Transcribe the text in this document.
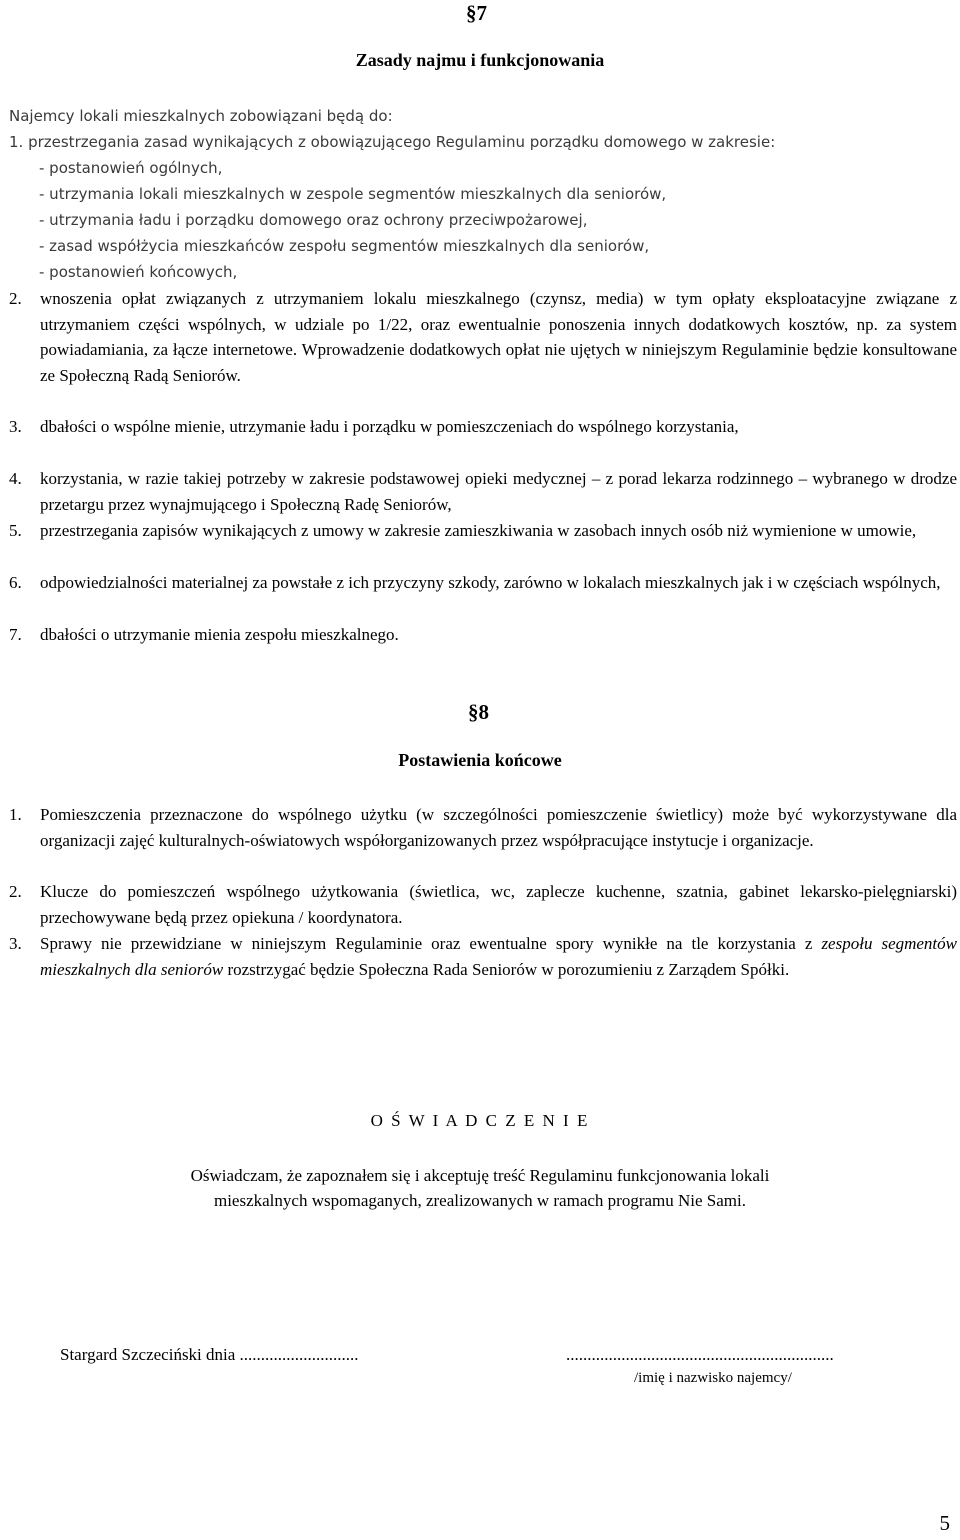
§7
Zasady najmu i funkcjonowania
Najemcy lokali mieszkalnych zobowiązani będą do:
1. przestrzegania zasad wynikających z obowiązującego Regulaminu porządku domowego w zakresie:
- postanowień ogólnych,
- utrzymania lokali mieszkalnych w zespole segmentów mieszkalnych dla seniorów,
- utrzymania ładu i porządku domowego oraz ochrony przeciwpożarowej,
- zasad współżycia mieszkańców zespołu segmentów mieszkalnych dla seniorów,
- postanowień końcowych,
2. wnoszenia opłat związanych z utrzymaniem lokalu mieszkalnego (czynsz, media) w tym opłaty eksploatacyjne związane z utrzymaniem części wspólnych, w udziale po 1/22, oraz ewentualnie ponoszenia innych dodatkowych kosztów, np. za system powiadamiania, za łącze internetowe. Wprowadzenie dodatkowych opłat nie ujętych w niniejszym Regulaminie będzie konsultowane ze Społeczną Radą Seniorów.
3. dbałości o wspólne mienie, utrzymanie ładu i porządku w pomieszczeniach do wspólnego korzystania,
4. korzystania, w razie takiej potrzeby w zakresie podstawowej opieki medycznej – z porad lekarza rodzinnego – wybranego w drodze przetargu przez wynajmującego i Społeczną Radę Seniorów,
5. przestrzegania zapisów wynikających z umowy w zakresie zamieszkiwania w zasobach innych osób niż wymienione w umowie,
6. odpowiedzialności materialnej za powstałe z ich przyczyny szkody, zarówno w lokalach mieszkalnych jak i w częściach wspólnych,
7. dbałości o utrzymanie mienia zespołu mieszkalnego.
§8
Postawienia końcowe
1. Pomieszczenia przeznaczone do wspólnego użytku (w szczególności pomieszczenie świetlicy) może być wykorzystywane dla organizacji zajęć kulturalnych-oświatowych współorganizowanych przez współpracujące instytucje i organizacje.
2. Klucze do pomieszczeń wspólnego użytkowania (świetlica, wc, zaplecze kuchenne, szatnia, gabinet lekarsko-pielęgniarski) przechowywane będą przez opiekuna / koordynatora.
3. Sprawy nie przewidziane w niniejszym Regulaminie oraz ewentualne spory wynikłe na tle korzystania z zespołu segmentów mieszkalnych dla seniorów rozstrzygać będzie Społeczna Rada Seniorów w porozumieniu z Zarządem Spółki.
O Ś W I A D C Z E N I E
Oświadczam, że zapoznałem się i akceptuję treść Regulaminu funkcjonowania lokali
mieszkalnych wspomaganych, zrealizowanych w ramach programu Nie Sami.
Stargard Szczeciński dnia ............................	...............................................................
/imię i nazwisko najemcy/
5
